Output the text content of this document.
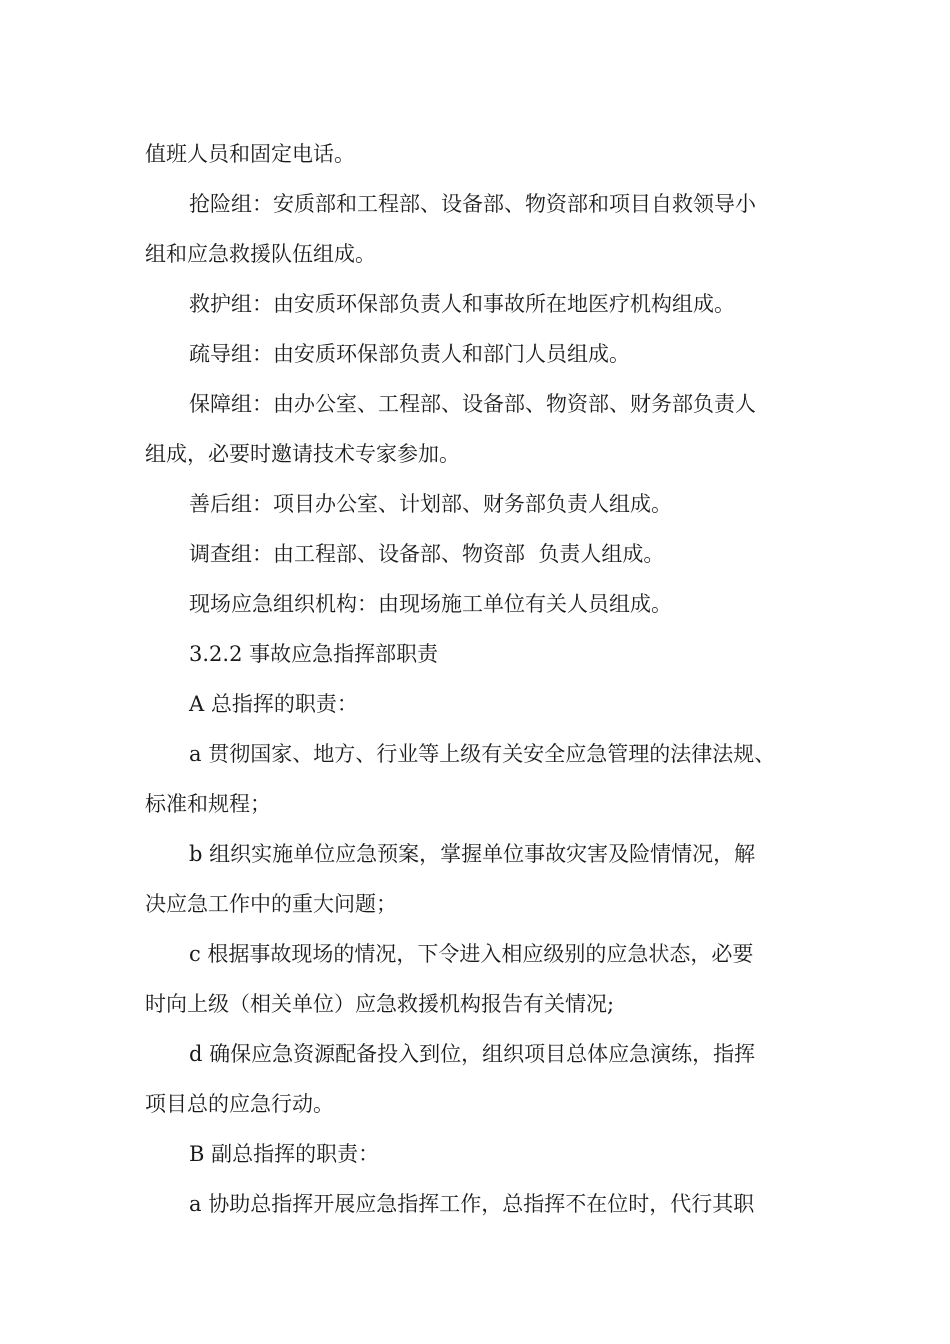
值班人员和固定电话。
抢险组：安质部和工程部、设备部、物资部和项目自救领导小
组和应急救援队伍组成。
救护组：由安质环保部负责人和事故所在地医疗机构组成。
疏导组：由安质环保部负责人和部门人员组成。
保障组：由办公室、工程部、设备部、物资部、财务部负责人
组成，必要时邀请技术专家参加。
善后组：项目办公室、计划部、财务部负责人组成。
调查组：由工程部、设备部、物资部  负责人组成。
现场应急组织机构：由现场施工单位有关人员组成。
3.2.2 事故应急指挥部职责
A 总指挥的职责：
a 贯彻国家、地方、行业等上级有关安全应急管理的法律法规、
标准和规程；
b 组织实施单位应急预案，掌握单位事故灾害及险情情况，解
决应急工作中的重大问题；
c 根据事故现场的情况，下令进入相应级别的应急状态，必要
时向上级（相关单位）应急救援机构报告有关情况;
d 确保应急资源配备投入到位，组织项目总体应急演练，指挥
项目总的应急行动。
B 副总指挥的职责：
a 协助总指挥开展应急指挥工作，总指挥不在位时，代行其职
